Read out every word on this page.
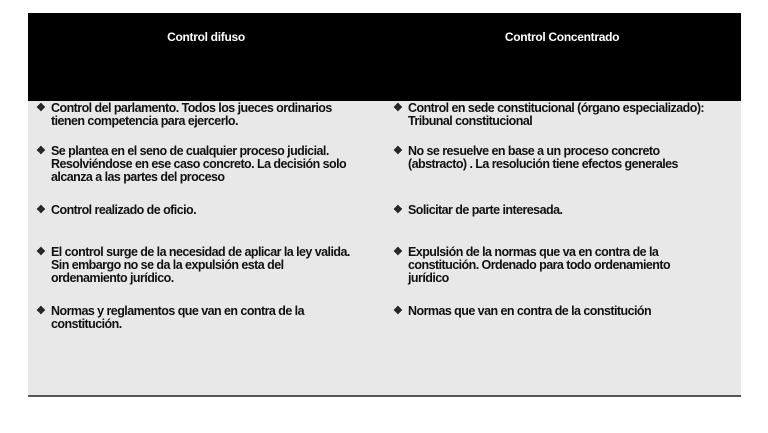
Control difuso	Control Concentrado
❖ Control del parlamento. Todos los jueces ordinarios
tienen competencia para ejercerlo.
❖ Se plantea en el seno de cualquier proceso judicial.
Resolviéndose en ese caso concreto. La decisión solo
alcanza a las partes del proceso
❖ Control realizado de oficio.
❖ El control surge de la necesidad de aplicar la ley valida.
Sin embargo no se da la expulsión esta del
ordenamiento jurídico.
❖ Normas y reglamentos que van en contra de la
constitución.
❖ Control en sede constitucional (órgano especializado):
Tribunal constitucional
❖ No se resuelve en base a un proceso concreto
(abstracto) . La resolución tiene efectos generales
❖ Solicitar de parte interesada.
❖ Expulsión de la normas que va en contra de la
constitución. Ordenado para todo ordenamiento
jurídico
❖ Normas que van en contra de la constitución
